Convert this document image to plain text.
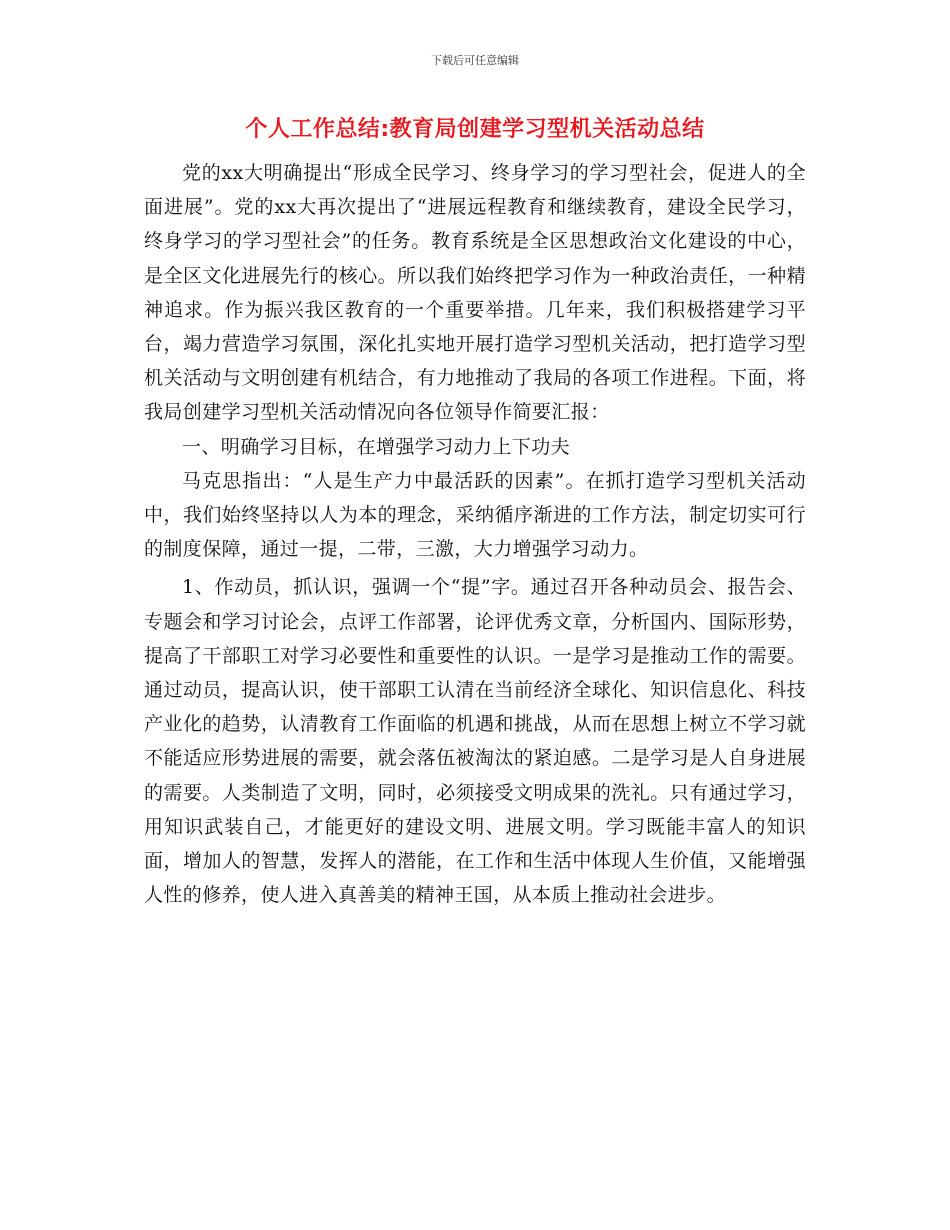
下载后可任意编辑
个人工作总结:教育局创建学习型机关活动总结

党的xx大明确提出“形成全民学习、终身学习的学习型社会，促进人的全面进展”。党的xx大再次提出了“进展远程教育和继续教育，建设全民学习，终身学习的学习型社会”的任务。教育系统是全区思想政治文化建设的中心，是全区文化进展先行的核心。所以我们始终把学习作为一种政治责任，一种精神追求。作为振兴我区教育的一个重要举措。几年来，我们积极搭建学习平台，竭力营造学习氛围，深化扎实地开展打造学习型机关活动，把打造学习型机关活动与文明创建有机结合，有力地推动了我局的各项工作进程。下面，将我局创建学习型机关活动情况向各位领导作简要汇报：

一、明确学习目标，在增强学习动力上下功夫

马克思指出：“人是生产力中最活跃的因素”。在抓打造学习型机关活动中，我们始终坚持以人为本的理念，采纳循序渐进的工作方法，制定切实可行的制度保障，通过一提，二带，三激，大力增强学习动力。

1、作动员，抓认识，强调一个“提”字。通过召开各种动员会、报告会、专题会和学习讨论会，点评工作部署，论评优秀文章，分析国内、国际形势，提高了干部职工对学习必要性和重要性的认识。一是学习是推动工作的需要。通过动员，提高认识，使干部职工认清在当前经济全球化、知识信息化、科技产业化的趋势，认清教育工作面临的机遇和挑战，从而在思想上树立不学习就不能适应形势进展的需要，就会落伍被淘汰的紧迫感。二是学习是人自身进展的需要。人类制造了文明，同时，必须接受文明成果的洗礼。只有通过学习，用知识武装自己，才能更好的建设文明、进展文明。学习既能丰富人的知识面，增加人的智慧，发挥人的潜能，在工作和生活中体现人生价值，又能增强人性的修养，使人进入真善美的精神王国，从本质上推动社会进步。
